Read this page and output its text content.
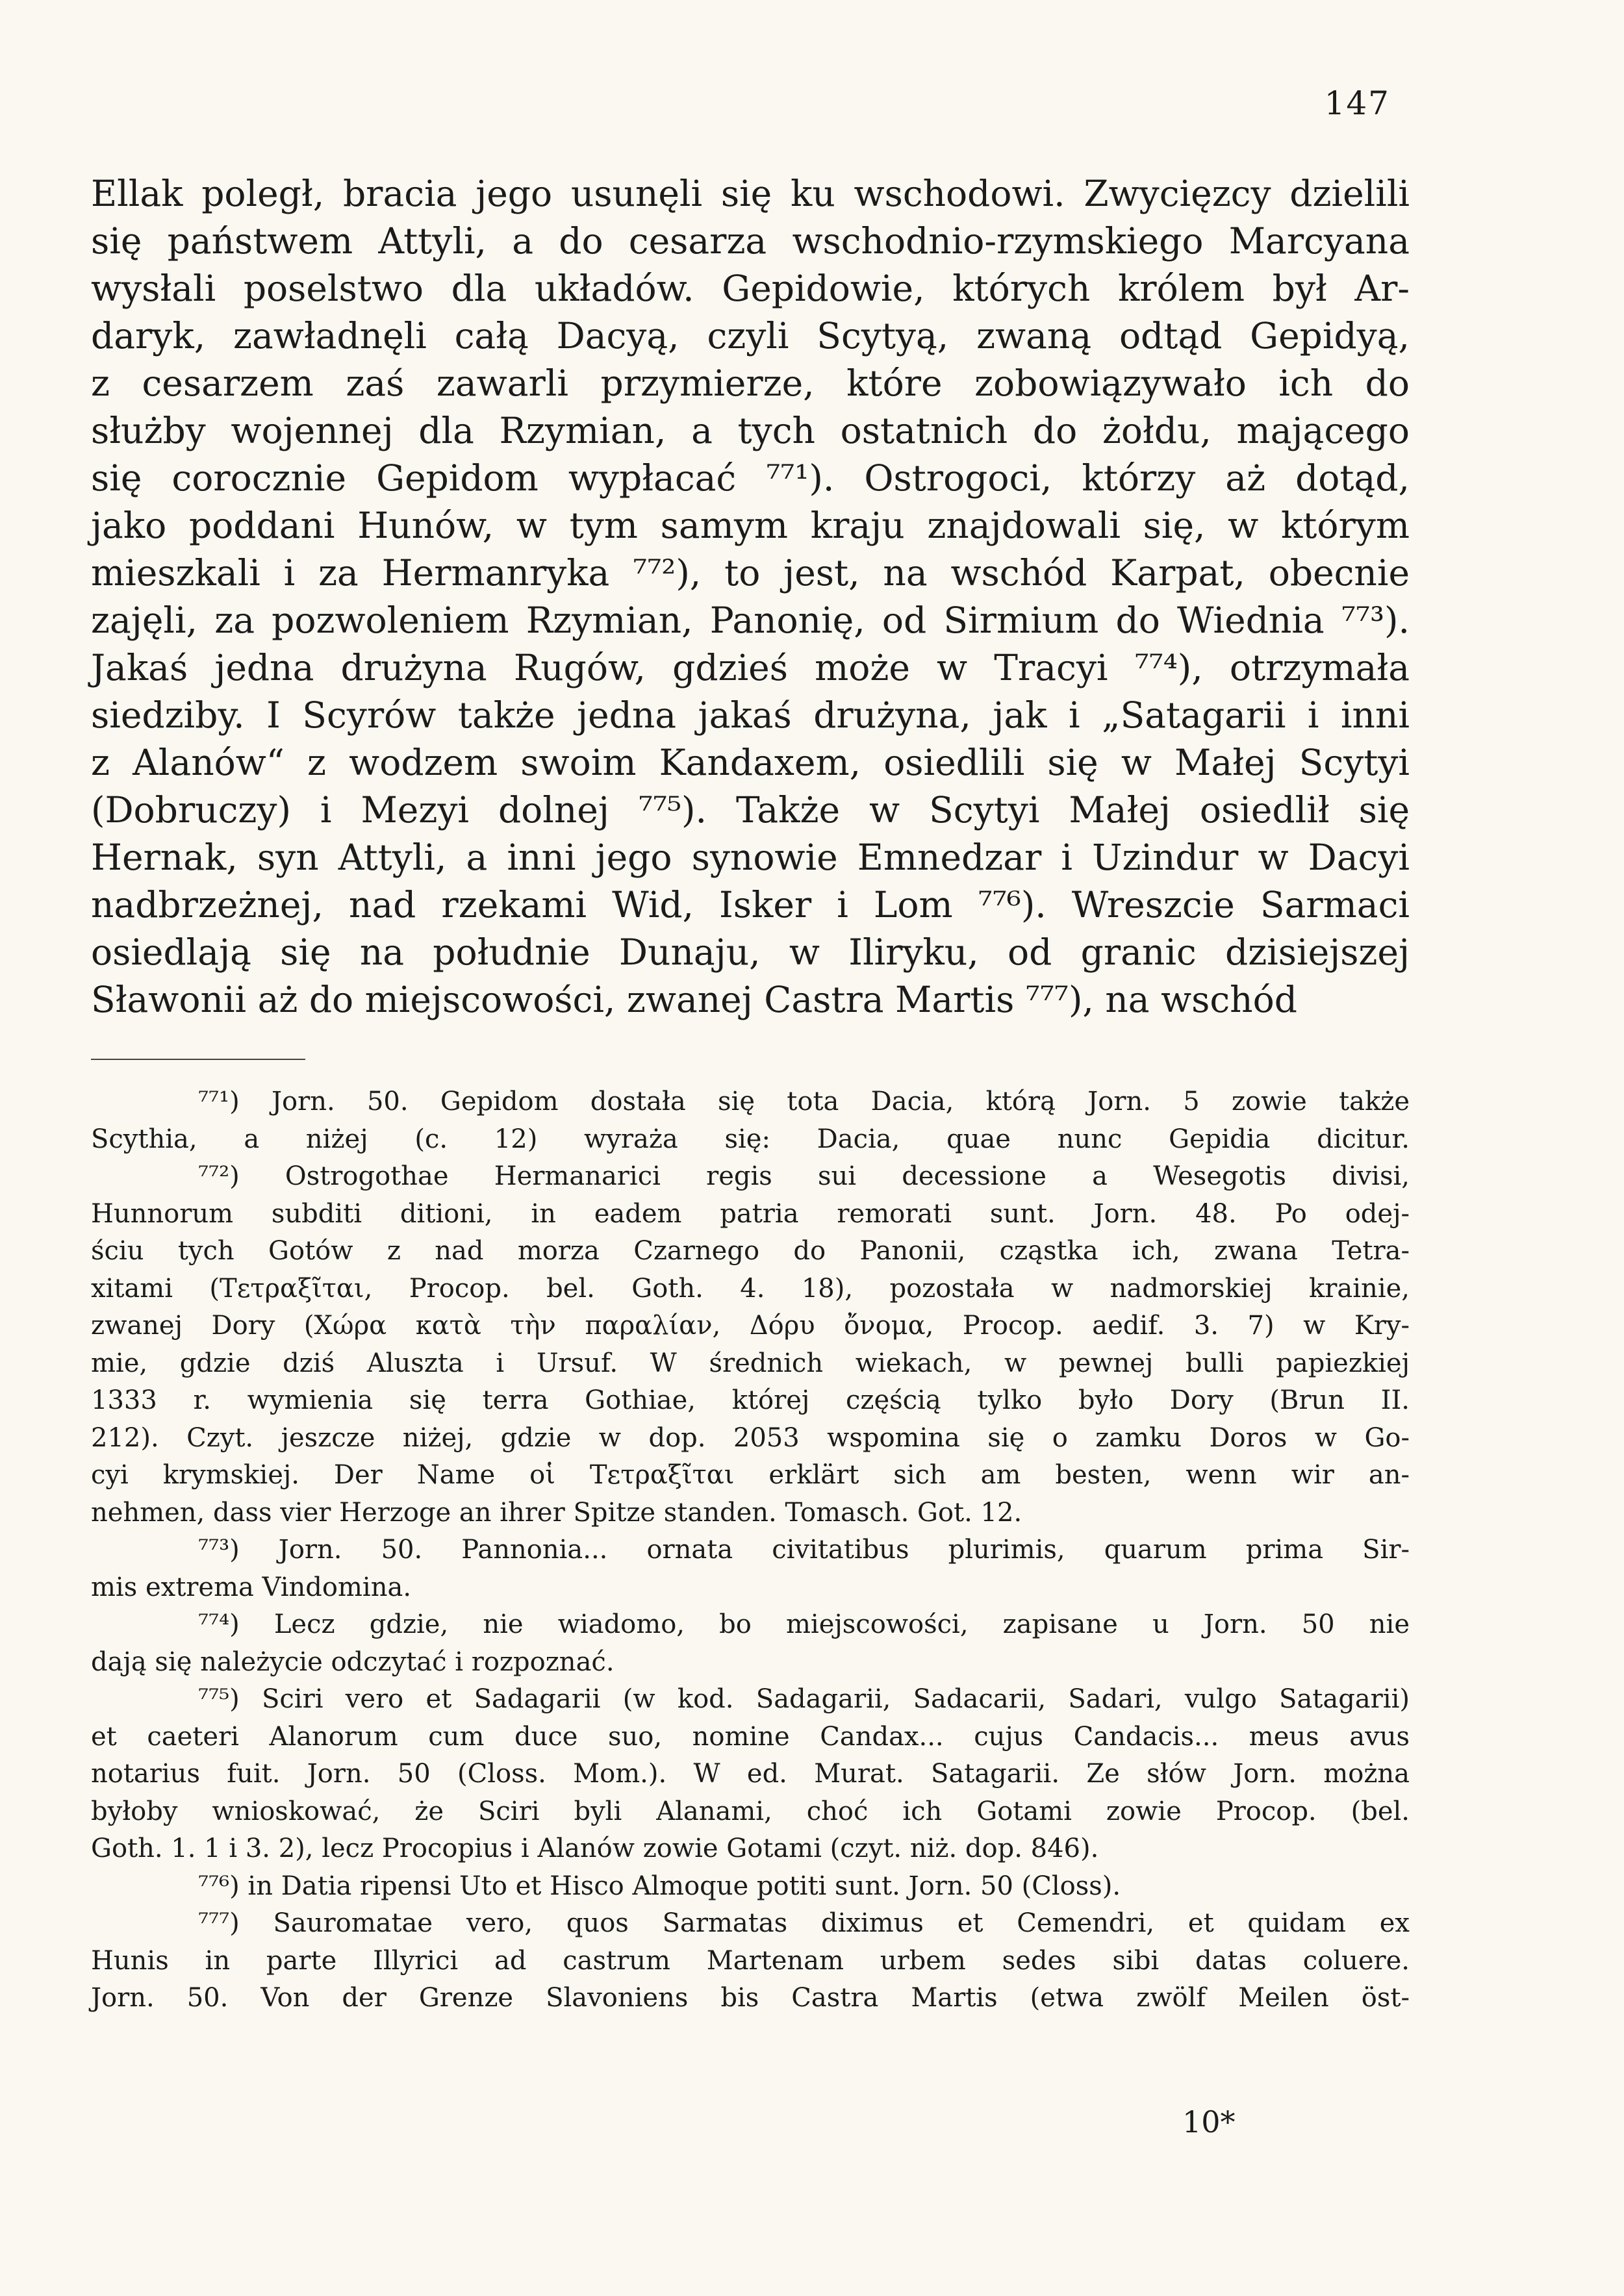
147
Ellak poległ, bracia jego usunęli się ku wschodowi. Zwycięzcy dzielili
się państwem Attyli, a do cesarza wschodnio-rzymskiego Marcyana
wysłali poselstwo dla układów. Gepidowie, których królem był Ar-
daryk, zawładnęli całą Dacyą, czyli Scytyą, zwaną odtąd Gepidyą,
z cesarzem zaś zawarli przymierze, które zobowiązywało ich do
służby wojennej dla Rzymian, a tych ostatnich do żołdu, mającego
się corocznie Gepidom wypłacać ⁷⁷¹). Ostrogoci, którzy aż dotąd,
jako poddani Hunów, w tym samym kraju znajdowali się, w którym
mieszkali i za Hermanryka ⁷⁷²), to jest, na wschód Karpat, obecnie
zajęli, za pozwoleniem Rzymian, Panonię, od Sirmium do Wiednia ⁷⁷³).
Jakaś jedna drużyna Rugów, gdzieś może w Tracyi ⁷⁷⁴), otrzymała
siedziby. I Scyrów także jedna jakaś drużyna, jak i „Satagarii i inni
z Alanów“ z wodzem swoim Kandaxem, osiedlili się w Małej Scytyi
(Dobruczy) i Mezyi dolnej ⁷⁷⁵). Także w Scytyi Małej osiedlił się
Hernak, syn Attyli, a inni jego synowie Emnedzar i Uzindur w Dacyi
nadbrzeżnej, nad rzekami Wid, Isker i Lom ⁷⁷⁶). Wreszcie Sarmaci
osiedlają się na południe Dunaju, w Iliryku, od granic dzisiejszej
Sławonii aż do miejscowości, zwanej Castra Martis ⁷⁷⁷), na wschód
⁷⁷¹) Jorn. 50. Gepidom dostała się tota Dacia, którą Jorn. 5 zowie także
Scythia, a niżej (c. 12) wyraża się: Dacia, quae nunc Gepidia dicitur.
⁷⁷²) Ostrogothae Hermanarici regis sui decessione a Wesegotis divisi,
Hunnorum subditi ditioni, in eadem patria remorati sunt. Jorn. 48. Po odej-
ściu tych Gotów z nad morza Czarnego do Panonii, cząstka ich, zwana Tetra-
xitami (Τετραξῖται, Procop. bel. Goth. 4. 18), pozostała w nadmorskiej krainie,
zwanej Dory (Χώρα κατὰ τὴν παραλίαν, Δόρυ ὄνομα, Procop. aedif. 3. 7) w Kry-
mie, gdzie dziś Aluszta i Ursuf. W średnich wiekach, w pewnej bulli papiezkiej
1333 r. wymienia się terra Gothiae, której częścią tylko było Dory (Brun II.
212). Czyt. jeszcze niżej, gdzie w dop. 2053 wspomina się o zamku Doros w Go-
cyi krymskiej. Der Name οἱ Τετραξῖται erklärt sich am besten, wenn wir an-
nehmen, dass vier Herzoge an ihrer Spitze standen. Tomasch. Got. 12.
⁷⁷³) Jorn. 50. Pannonia... ornata civitatibus plurimis, quarum prima Sir-
mis extrema Vindomina.
⁷⁷⁴) Lecz gdzie, nie wiadomo, bo miejscowości, zapisane u Jorn. 50 nie
dają się należycie odczytać i rozpoznać.
⁷⁷⁵) Sciri vero et Sadagarii (w kod. Sadagarii, Sadacarii, Sadari, vulgo Satagarii)
et caeteri Alanorum cum duce suo, nomine Candax... cujus Candacis... meus avus
notarius fuit. Jorn. 50 (Closs. Mom.). W ed. Murat. Satagarii. Ze słów Jorn. można
byłoby wnioskować, że Sciri byli Alanami, choć ich Gotami zowie Procop. (bel.
Goth. 1. 1 i 3. 2), lecz Procopius i Alanów zowie Gotami (czyt. niż. dop. 846).
⁷⁷⁶) in Datia ripensi Uto et Hisco Almoque potiti sunt. Jorn. 50 (Closs).
⁷⁷⁷) Sauromatae vero, quos Sarmatas diximus et Cemendri, et quidam ex
Hunis in parte Illyrici ad castrum Martenam urbem sedes sibi datas coluere.
Jorn. 50. Von der Grenze Slavoniens bis Castra Martis (etwa zwölf Meilen öst-
10*
